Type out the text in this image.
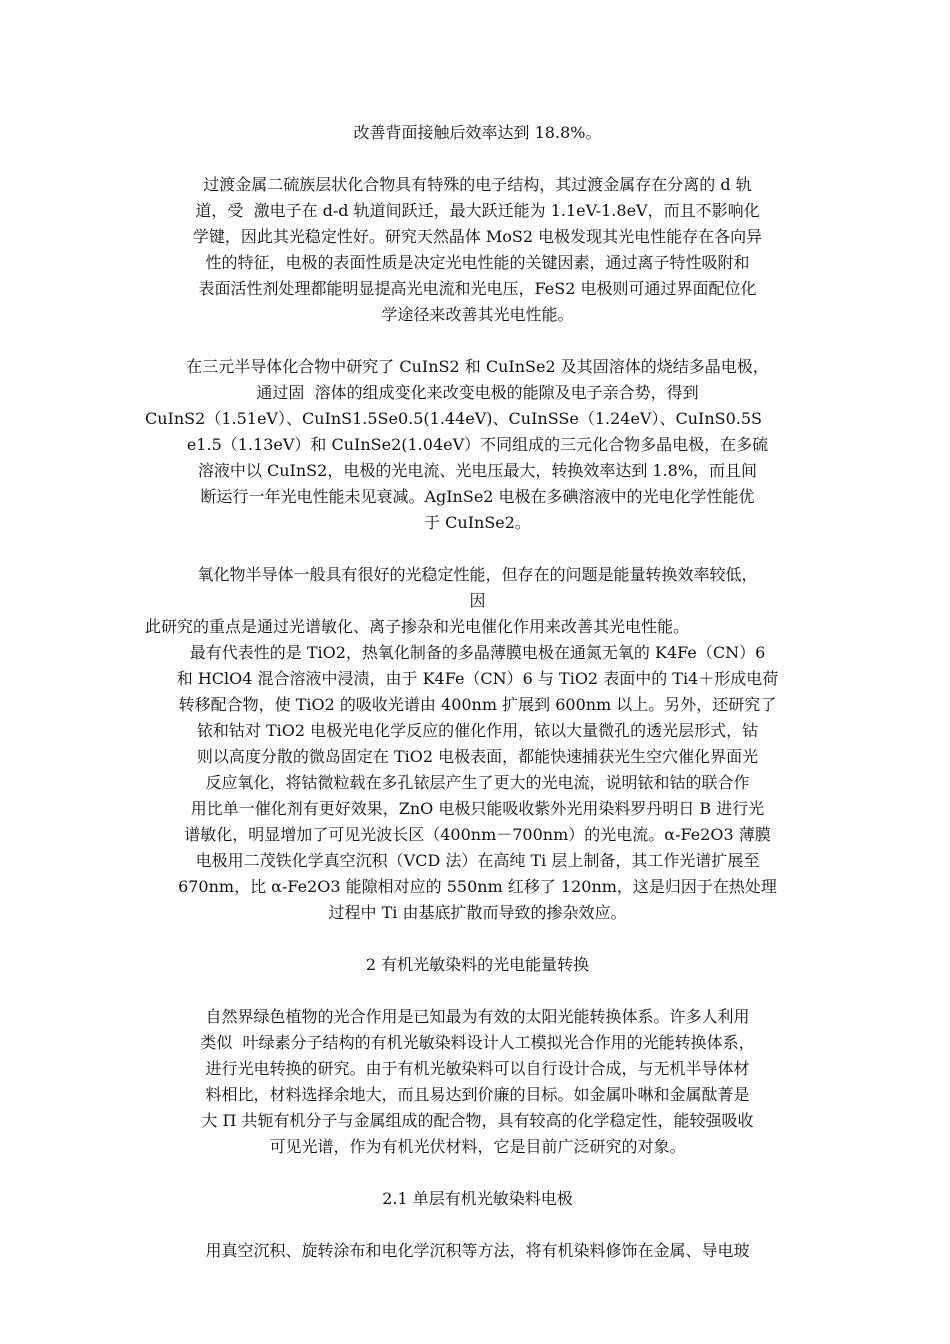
改善背面接触后效率达到 18.8%。
过渡金属二硫族层状化合物具有特殊的电子结构，其过渡金属存在分离的 d 轨
道，受  激电子在 d-d 轨道间跃迁，最大跃迁能为 1.1eV-1.8eV，而且不影响化
学键，因此其光稳定性好。研究天然晶体 MoS2 电极发现其光电性能存在各向异
性的特征，电极的表面性质是决定光电性能的关键因素，通过离子特性吸附和
表面活性剂处理都能明显提高光电流和光电压，FeS2 电极则可通过界面配位化
学途径来改善其光电性能。
在三元半导体化合物中研究了 CuInS2 和 CuInSe2 及其固溶体的烧结多晶电极，
通过固  溶体的组成变化来改变电极的能隙及电子亲合势，得到
CuInS2（1.51eV）、CuInS1.5Se0.5(1.44eV)、CuInSSe（1.24eV）、CuInS0.5S
e1.5（1.13eV）和 CuInSe2(1.04eV）不同组成的三元化合物多晶电极，在多硫
溶液中以 CuInS2，电极的光电流、光电压最大，转换效率达到 1.8%，而且间
断运行一年光电性能未见衰减。AgInSe2 电极在多碘溶液中的光电化学性能优
于 CuInSe2。
氧化物半导体一般具有很好的光稳定性能，但存在的问题是能量转换效率较低，
因
此研究的重点是通过光谱敏化、离子掺杂和光电催化作用来改善其光电性能。
最有代表性的是 TiO2，热氧化制备的多晶薄膜电极在通氮无氧的 K4Fe（CN）6
和 HClO4 混合溶液中浸渍，由于 K4Fe（CN）6 与 TiO2 表面中的 Ti4＋形成电荷
转移配合物，使 TiO2 的吸收光谱由 400nm 扩展到 600nm 以上。另外，还研究了
铱和钴对 TiO2 电极光电化学反应的催化作用，铱以大量微孔的透光层形式，钴
则以高度分散的微岛固定在 TiO2 电极表面，都能快速捕获光生空穴催化界面光
反应氧化，将钴微粒载在多孔铱层产生了更大的光电流，说明铱和钴的联合作
用比单一催化剂有更好效果，ZnO 电极只能吸收紫外光用染料罗丹明日 B 进行光
谱敏化，明显增加了可见光波长区（400nm－700nm）的光电流。α-Fe2O3 薄膜
电极用二茂铁化学真空沉积（VCD 法）在高纯 Ti 层上制备，其工作光谱扩展至
670nm，比 α-Fe2O3 能隙相对应的 550nm 红移了 120nm，这是归因于在热处理
过程中 Ti 由基底扩散而导致的掺杂效应。
2 有机光敏染料的光电能量转换
自然界绿色植物的光合作用是已知最为有效的太阳光能转换体系。许多人利用
类似  叶绿素分子结构的有机光敏染料设计人工模拟光合作用的光能转换体系，
进行光电转换的研究。由于有机光敏染料可以自行设计合成，与无机半导体材
料相比，材料选择余地大，而且易达到价廉的目标。如金属卟啉和金属酞菁是
大 Π 共轭有机分子与金属组成的配合物，具有较高的化学稳定性，能较强吸收
可见光谱，作为有机光伏材料，它是目前广泛研究的对象。
2.1 单层有机光敏染料电极
用真空沉积、旋转涂布和电化学沉积等方法，将有机染料修饰在金属、导电玻
